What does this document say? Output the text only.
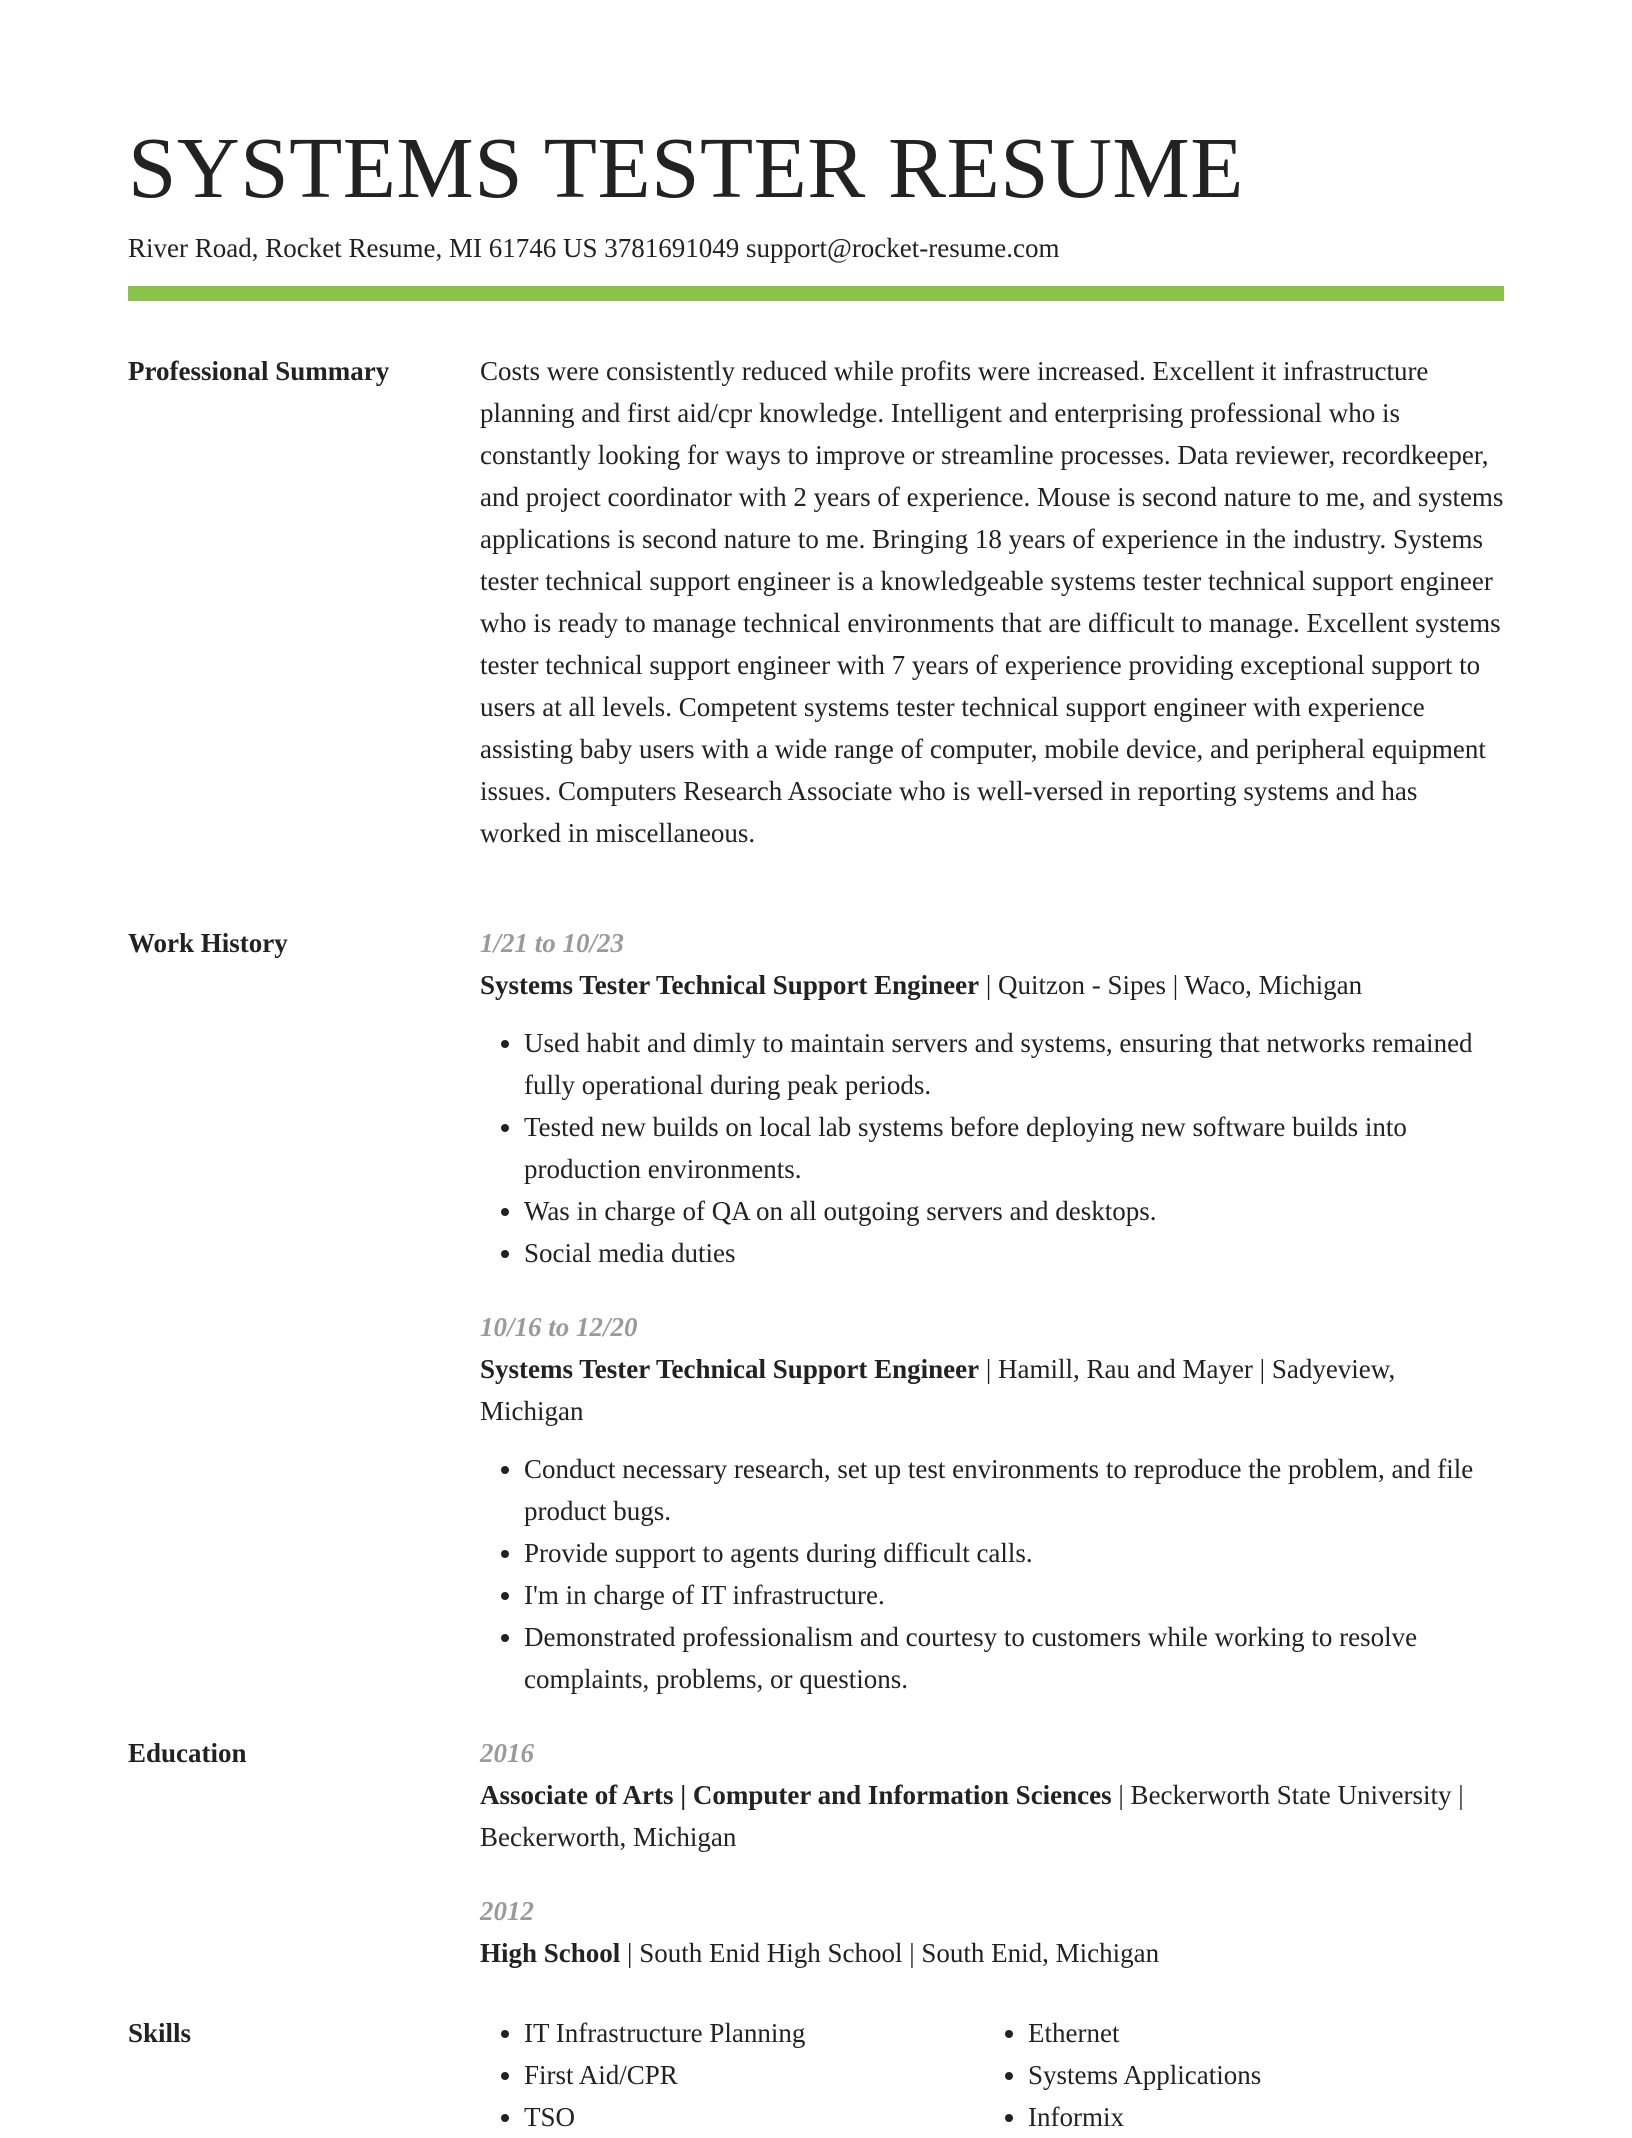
SYSTEMS TESTER RESUME
River Road, Rocket Resume, MI 61746 US 3781691049 support@rocket-resume.com
Professional Summary	Costs were consistently reduced while profits were increased. Excellent it infrastructure planning and first aid/cpr knowledge. Intelligent and enterprising professional who is constantly looking for ways to improve or streamline processes. Data reviewer, recordkeeper, and project coordinator with 2 years of experience. Mouse is second nature to me, and systems applications is second nature to me. Bringing 18 years of experience in the industry. Systems tester technical support engineer is a knowledgeable systems tester technical support engineer who is ready to manage technical environments that are difficult to manage. Excellent systems tester technical support engineer with 7 years of experience providing exceptional support to users at all levels. Competent systems tester technical support engineer with experience assisting baby users with a wide range of computer, mobile device, and peripheral equipment issues. Computers Research Associate who is well-versed in reporting systems and has worked in miscellaneous.

Work History	1/21 to 10/23

Systems Tester Technical Support Engineer | Quitzon - Sipes | Waco, Michigan

• Used habit and dimly to maintain servers and systems, ensuring that networks remained fully operational during peak periods.
• Tested new builds on local lab systems before deploying new software builds into production environments.
• Was in charge of QA on all outgoing servers and desktops.
• Social media duties

10/16 to 12/20

Systems Tester Technical Support Engineer | Hamill, Rau and Mayer | Sadyeview, Michigan

• Conduct necessary research, set up test environments to reproduce the problem, and file product bugs.
• Provide support to agents during difficult calls.
• I'm in charge of IT infrastructure.
• Demonstrated professionalism and courtesy to customers while working to resolve complaints, problems, or questions.
Education	2016

Associate of Arts | Computer and Information Sciences | Beckerworth State University | Beckerworth, Michigan

2012

High School | South Enid High School | South Enid, Michigan

Skills
•	IT Infrastructure Planning
• First Aid/CPR
• TSO
• Ethernet
• Systems Applications
• Informix
